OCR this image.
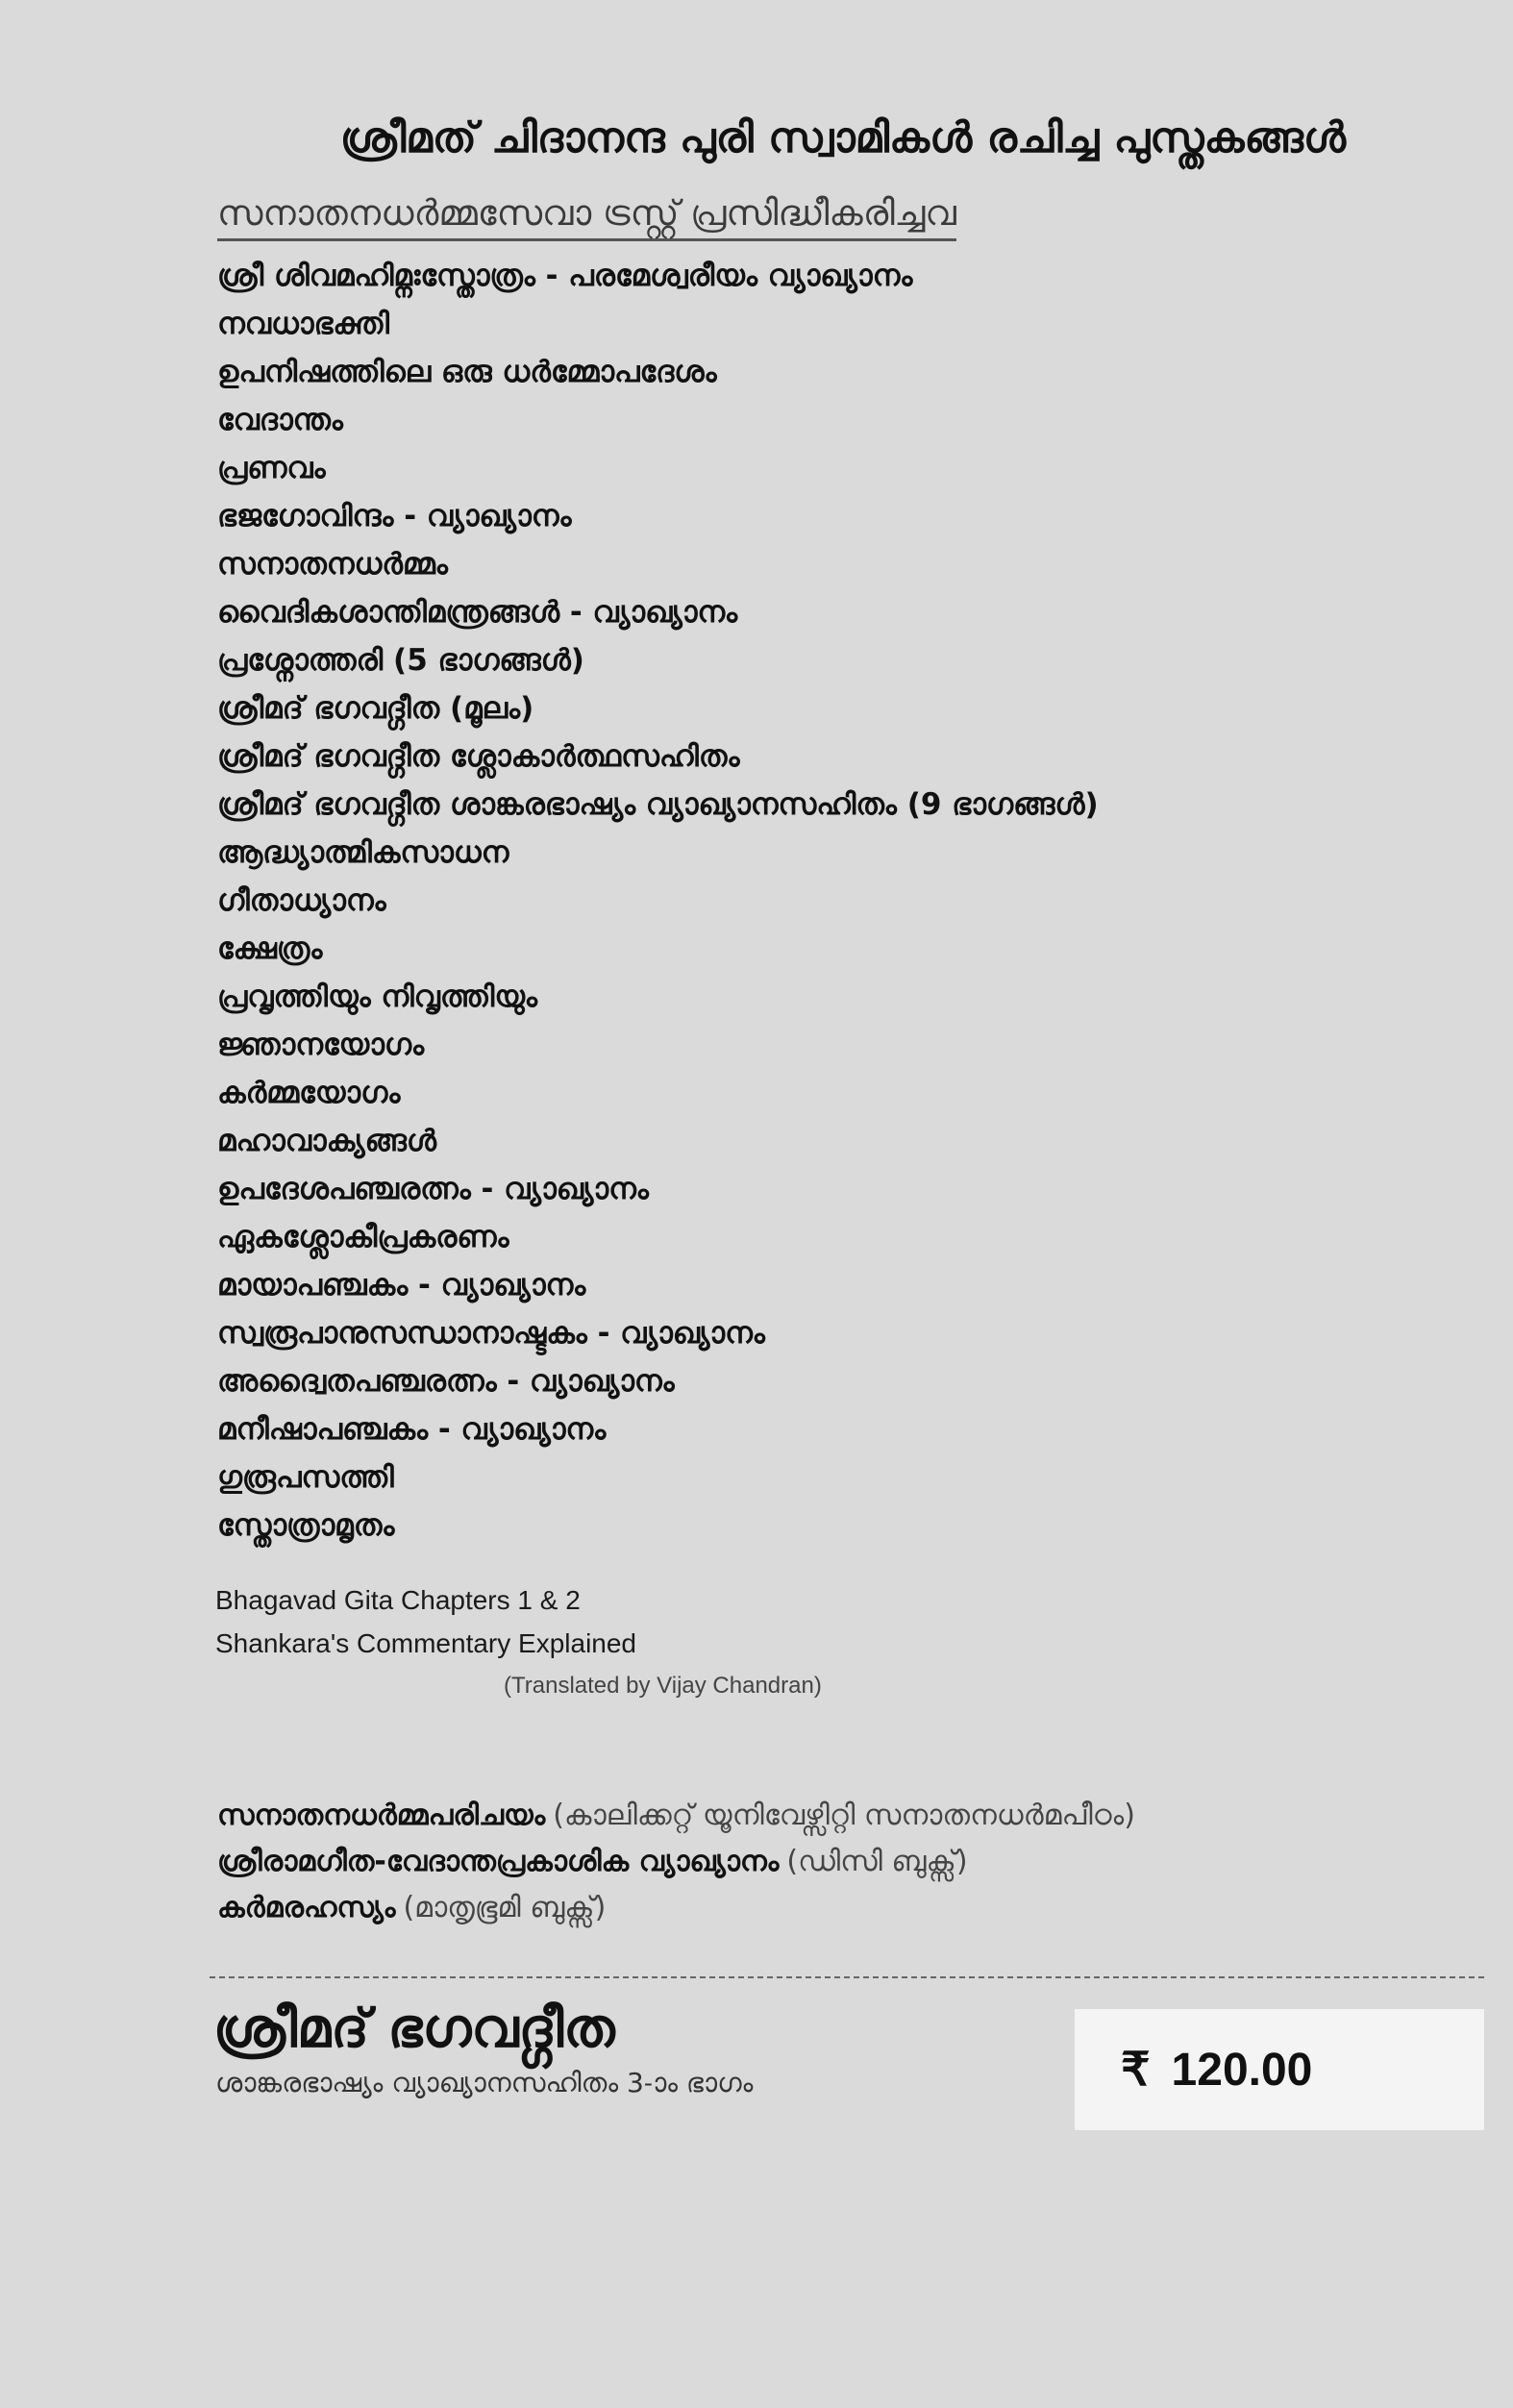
ശ്രീമത് ചിദാനന്ദ പുരി സ്വാമികൾ രചിച്ച പുസ്തകങ്ങൾ
സനാതനധർമ്മസേവാ ട്രസ്റ്റ് പ്രസിദ്ധീകരിച്ചവ
ശ്രീ ശിവമഹിമ്നഃസ്തോത്രം - പരമേശ്വരീയം വ്യാഖ്യാനം
നവധാഭക്തി
ഉപനിഷത്തിലെ ഒരു ധർമ്മോപദേശം
വേദാന്തം
പ്രണവം
ഭജഗോവിന്ദം - വ്യാഖ്യാനം
സനാതനധർമ്മം
വൈദികശാന്തിമന്ത്രങ്ങൾ - വ്യാഖ്യാനം
പ്രശ്നോത്തരി (5 ഭാഗങ്ങൾ)
ശ്രീമദ് ഭഗവദ്ഗീത (മൂലം)
ശ്രീമദ് ഭഗവദ്ഗീത ശ്ലോകാർത്ഥസഹിതം
ശ്രീമദ് ഭഗവദ്ഗീത ശാങ്കരഭാഷ്യം വ്യാഖ്യാനസഹിതം (9 ഭാഗങ്ങൾ)
ആദ്ധ്യാത്മികസാധന
ഗീതാധ്യാനം
ക്ഷേത്രം
പ്രവൃത്തിയും നിവൃത്തിയും
ജ്ഞാനയോഗം
കർമ്മയോഗം
മഹാവാക്യങ്ങൾ
ഉപദേശപഞ്ചരത്നം - വ്യാഖ്യാനം
ഏകശ്ലോകീപ്രകരണം
മായാപഞ്ചകം - വ്യാഖ്യാനം
സ്വരൂപാനുസന്ധാനാഷ്ടകം - വ്യാഖ്യാനം
അദ്വൈതപഞ്ചരത്നം - വ്യാഖ്യാനം
മനീഷാപഞ്ചകം - വ്യാഖ്യാനം
ഗുരൂപസത്തി
സ്തോത്രാമൃതം
Bhagavad Gita Chapters 1 & 2
Shankara's Commentary Explained
(Translated by Vijay Chandran)
സനാതനധർമ്മപരിചയം (കാലിക്കറ്റ് യൂനിവേഴ്സിറ്റി സനാതനധർമപീഠം)
ശ്രീരാമഗീത-വേദാന്തപ്രകാശിക വ്യാഖ്യാനം (ഡിസി ബുക്സ്)
കർമരഹസ്യം (മാതൃഭൂമി ബുക്സ്)
ശ്രീമദ് ഭഗവദ്ഗീത
ശാങ്കരഭാഷ്യം വ്യാഖ്യാനസഹിതം 3-ാം ഭാഗം	₹ 120.00
